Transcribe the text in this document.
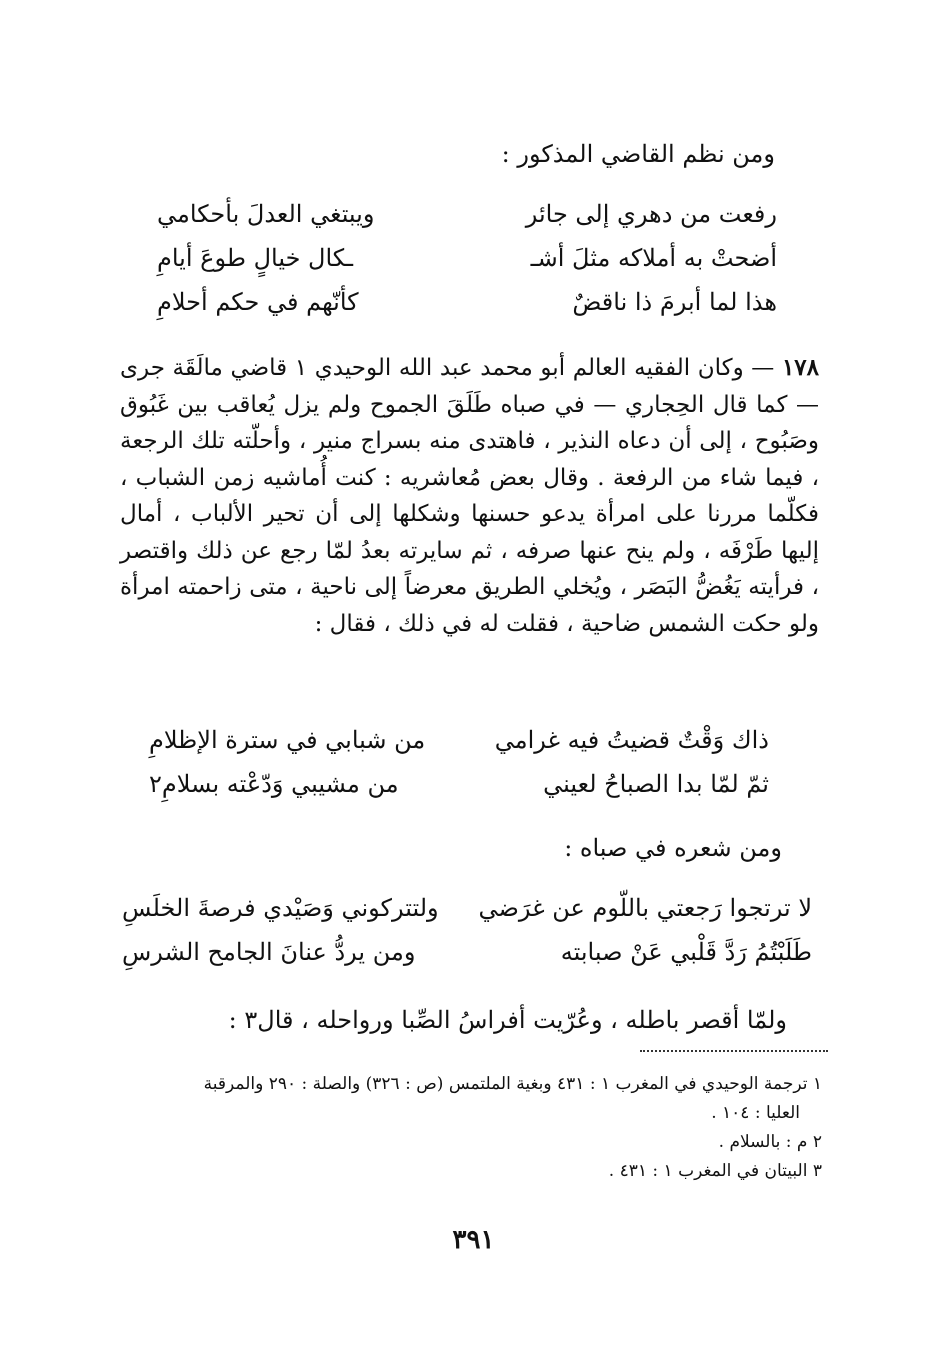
ومن نظم القاضي المذكور :
رفعت من دهري إلى جائر
ويبتغي العدلَ بأحكامي
أضحتْ به أملاكه مثلَ أشـ
ـكال خيالٍ طوعَ أيامِ
هذا لما أبرمَ ذا ناقضٌ
كأنّهم في حكم أحلامِ
١٧٨ — وكان الفقيه العالم أبو محمد عبد الله الوحيدي ١ قاضي مالَقَة جرى — كما قال الحِجاري — في صباه طَلَقَ الجموح ولم يزل يُعاقب بين غَبُوق وصَبُوح ، إلى أن دعاه النذير ، فاهتدى منه بسراج منير ، وأحلّته تلك الرجعة ، فيما شاء من الرفعة . وقال بعض مُعاشريه : كنت أُماشيه زمن الشباب ، فكلّما مررنا على امرأة يدعو حسنها وشكلها إلى أن تحير الألباب ، أمال إليها طَرْفَه ، ولم ينح عنها صرفه ، ثم سايرته بعدُ لمّا رجع عن ذلك واقتصر ، فرأيته يَغُضُّ البَصَر ، ويُخلي الطريق معرضاً إلى ناحية ، متى زاحمته امرأة ولو حكت الشمس ضاحية ، فقلت له في ذلك ، فقال :
ذاك وَقْتٌ قضيتُ فيه غرامي
من شبابي في سترة الإظلامِ
ثمّ لمّا بدا الصباحُ لعيني
من مشيبي وَدّعْته بسلامِ٢
ومن شعره في صباه :
لا ترتجوا رَجعتي باللّوم عن غرَضي
ولتتركوني وَصَيْدي فرصةَ الخلَسِ
طَلَبْتُمُ رَدَّ قَلْبي عَنْ صبابته
ومن يردُّ عنانَ الجامح الشرسِ
ولمّا أقصر باطله ، وعُرّيت أفراسُ الصِّبا ورواحله ، قال٣ :
١ ترجمة الوحيدي في المغرب ١ : ٤٣١ وبغية الملتمس (ص : ٣٢٦) والصلة : ٢٩٠ والمرقبة
العليا : ١٠٤ .
٢ م : بالسلام .
٣ البيتان في المغرب ١ : ٤٣١ .
٣٩١
